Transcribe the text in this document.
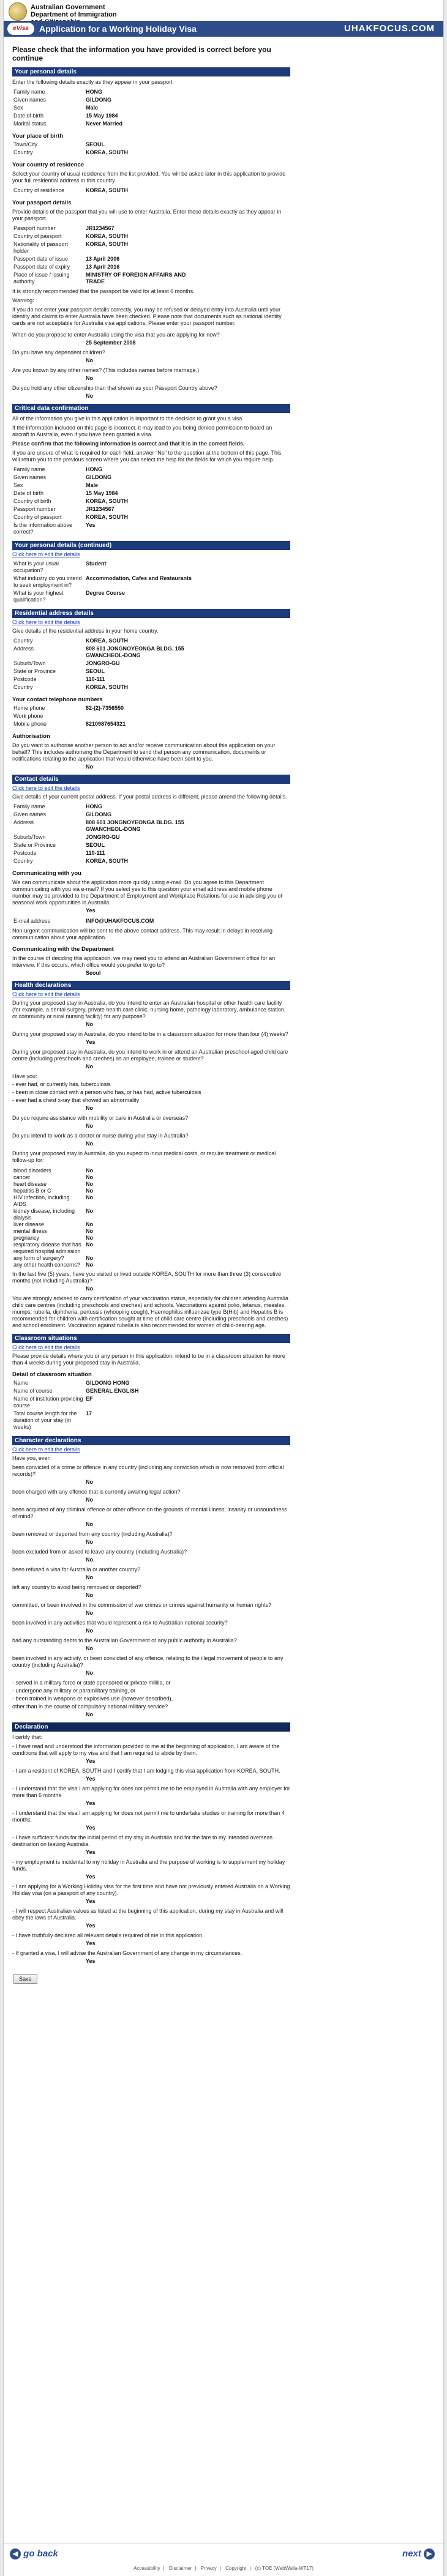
Australian Government
Department of Immigration
eVisa	Application for a Working Holiday Visa	UHAKFOCUS.COM
Please check that the information you have provided is correct before you continue
Your personal details
Enter the following details exactly as they appear in your passport
Family name	HONG
Given names	GILDONG
Sex	Male
Date of birth	15 May 1984
Marital status	Never Married
Your place of birth
Town/City	SEOUL
Country	KOREA, SOUTH
Your country of residence
Select your country of usual residence from the list provided. You will be asked later in this application to provide your full residential address in this country.
Country of residence	KOREA, SOUTH
Your passport details
Provide details of the passport that you will use to enter Australia. Enter these details exactly as they appear in your passport.
Passport number	JR1234567
Country of passport	KOREA, SOUTH
Nationality of passport holder	KOREA, SOUTH
Passport date of issue	13 April 2006
Passport date of expiry	13 April 2016
Place of issue / issuing authority	MINISTRY OF FOREIGN AFFAIRS AND TRADE
It is strongly recommended that the passport be valid for at least 6 months.
Warning:
If you do not enter your passport details correctly, you may be refused or delayed entry into Australia until your identity and claims to enter Australia have been checked. Please note that documents such as national identity cards are not acceptable for Australia visa applications. Please enter your passport number.
When do you propose to enter Australia using the visa that you are applying for now?
25 September 2008
Do you have any dependent children?
No
Are you known by any other names? (This includes names before marriage.)
No
Do you hold any other citizenship than that shown as your Passport Country above?
No
Critical data confirmation
All of the information you give in this application is important to the decision to grant you a visa.
If the information included on this page is incorrect, it may lead to you being denied permission to board an aircraft to Australia, even if you have been granted a visa.
Please confirm that the following information is correct and that it is in the correct fields.
If you are unsure of what is required for each field, answer "No" to the question at the bottom of this page. This will return you to the previous screen where you can select the help for the fields for which you require help.
Family name	HONG
Given names	GILDONG
Sex	Male
Date of birth	15 May 1984
Country of birth	KOREA, SOUTH
Passport number	JR1234567
Country of passport	KOREA, SOUTH
Is the information above correct?	Yes
Your personal details (continued)
Click here to edit the details
What is your usual occupation?	Student
What industry do you intend to seek employment in?	Accommodation, Cafes and Restaurants
What is your highest qualification?	Degree Course
Residential address details
Click here to edit the details
Give details of the residential address in your home country.
Country	KOREA, SOUTH
Address	808 601 JONGNOYEONGA BLDG. 155 GWANCHEOL-DONG
Suburb/Town	JONGRO-GU
State or Province	SEOUL
Postcode	110-111
Country	KOREA, SOUTH
Your contact telephone numbers
Home phone	82-(2)-7356550
Work phone	
Mobile phone	8210987654321
Authorisation
Do you want to authorise another person to act and/or receive communication about this application on your behalf? This includes authorising the Department to send that person any communication, documents or notifications relating to the application that would otherwise have been sent to you.
No
Contact details
Click here to edit the details
Give details of your current postal address. If your postal address is different, please amend the following details.
Family name	HONG
Given names	GILDONG
Address	808 601 JONGNOYEONGA BLDG. 155 GWANCHEOL-DONG
Suburb/Town	JONGRO-GU
State or Province	SEOUL
Postcode	110-111
Country	KOREA, SOUTH
Communicating with you
We can communicate about the application more quickly using e-mail. Do you agree to this Department communicating with you via e-mail? If you select yes to this question your email address and mobile phone number may be provided to the Department of Employment and Workplace Relations for use in advising you of seasonal work opportunities in Australia.
Yes
E-mail address	INFO@UHAKFOCUS.COM
Non-urgent communication will be sent to the above contact address. This may result in delays in receiving communication about your application.
Communicating with the Department
In the course of deciding this application, we may need you to attend an Australian Government office for an interview. If this occurs, which office would you prefer to go to?
Seoul
Health declarations
Click here to edit the details
During your proposed stay in Australia, do you intend to enter an Australian hospital or other health care facility (for example, a dental surgery, private health care clinic, nursing home, pathology laboratory, ambulance station, or community or rural nursing facility) for any purpose?
No
During your proposed stay in Australia, do you intend to be in a classroom situation for more than four (4) weeks?
Yes
During your proposed stay in Australia, do you intend to work in or attend an Australian preschool-aged child care centre (including preschools and creches) as an employee, trainee or student?
No
Have you:
- ever had, or currently has, tuberculosis
- been in close contact with a person who has, or has had, active tuberculosis
- ever had a chest x-ray that showed an abnormality
No
Do you require assistance with mobility or care in Australia or overseas?
No
Do you intend to work as a doctor or nurse during your stay in Australia?
No
During your proposed stay in Australia, do you expect to incur medical costs, or require treatment or medical follow-up for:
blood disorders	No
cancer	No
heart disease	No
hepatitis B or C	No
HIV infection, including AIDS	No
kidney disease, including dialysis	No
liver disease	No
mental illness	No
pregnancy	No
respiratory disease that has required hospital admission	No
any form of surgery?	No
any other health concerns?	No
In the last five (5) years, have you visited or lived outside KOREA, SOUTH for more than three (3) consecutive months (not including Australia)?
No
You are strongly advised to carry certification of your vaccination status, especially for children attending Australia child care centres (including preschools and creches) and schools. Vaccinations against polio, tetanus, measles, mumps, rubella, diphtheria, pertussis (whooping cough), Haemophilus influenzae type B(Hib) and Hepatitis B is recommended for children with certification sought at time of child care centre (including preschools and creches) and school enrolment. Vaccination against rubella is also recommended for women of child-bearing age.
Classroom situations
Click here to edit the details
Please provide details where you or any person in this application, intend to be in a classroom situation for more than 4 weeks during your proposed stay in Australia.
Detail of classroom situation
Name	GILDONG HONG
Name of course	GENERAL ENGLISH
Name of institution providing course	EF
Total course length for the duration of your stay (in weeks)	17
Character declarations
Click here to edit the details
Have you, ever:
been convicted of a crime or offence in any country (including any conviction which is now removed from official records)?
No
been charged with any offence that is currently awaiting legal action?
No
been acquitted of any criminal offence or other offence on the grounds of mental illness, insanity or unsoundness of mind?
No
been removed or deported from any country (including Australia)?
No
been excluded from or asked to leave any country (including Australia)?
No
been refused a visa for Australia or another country?
No
left any country to avoid being removed or deported?
No
committed, or been involved in the commission of war crimes or crimes against humanity or human rights?
No
been involved in any activities that would represent a risk to Australian national security?
No
had any outstanding debts to the Australian Government or any public authority in Australia?
No
been involved in any activity, or been convicted of any offence, relating to the illegal movement of people to any country (including Australia)?
No
- served in a military force or state sponsored or private militia, or
- undergone any military or paramilitary training, or
- been trained in weapons or explosives use (however described),
other than in the course of compulsory national military service?
No
Declaration
I certify that:
- I have read and understood the information provided to me at the beginning of application, I am aware of the conditions that will apply to my visa and that I am required to abide by them.
Yes
- I am a resident of KOREA, SOUTH and I certify that I am lodging this visa application from KOREA, SOUTH.
Yes
- I understand that the visa I am applying for does not permit me to be employed in Australia with any employer for more than 6 months.
Yes
- I understand that the visa I am applying for does not permit me to undertake studies or training for more than 4 months.
Yes
- I have sufficient funds for the initial period of my stay in Australia and for the fare to my intended overseas destination on leaving Australia.
Yes
- my employment is incidental to my holiday in Australia and the purpose of working is to supplement my holiday funds.
Yes
- I am applying for a Working Holiday visa for the first time and have not previously entered Australia on a Working Holiday visa (on a passport of any country).
Yes
- I will respect Australian values as listed at the beginning of this application, during my stay in Australia and will obey the laws of Australia.
Yes
- I have truthfully declared all relevant details required of me in this application.
Yes
- If granted a visa, I will advise the Australian Government of any change in my circumstances.
Yes
Save
◀ go back	next ▶
Accessibility | Disclaimer | Privacy | Copyright | (c) TOE (WebWalla-WT17)
